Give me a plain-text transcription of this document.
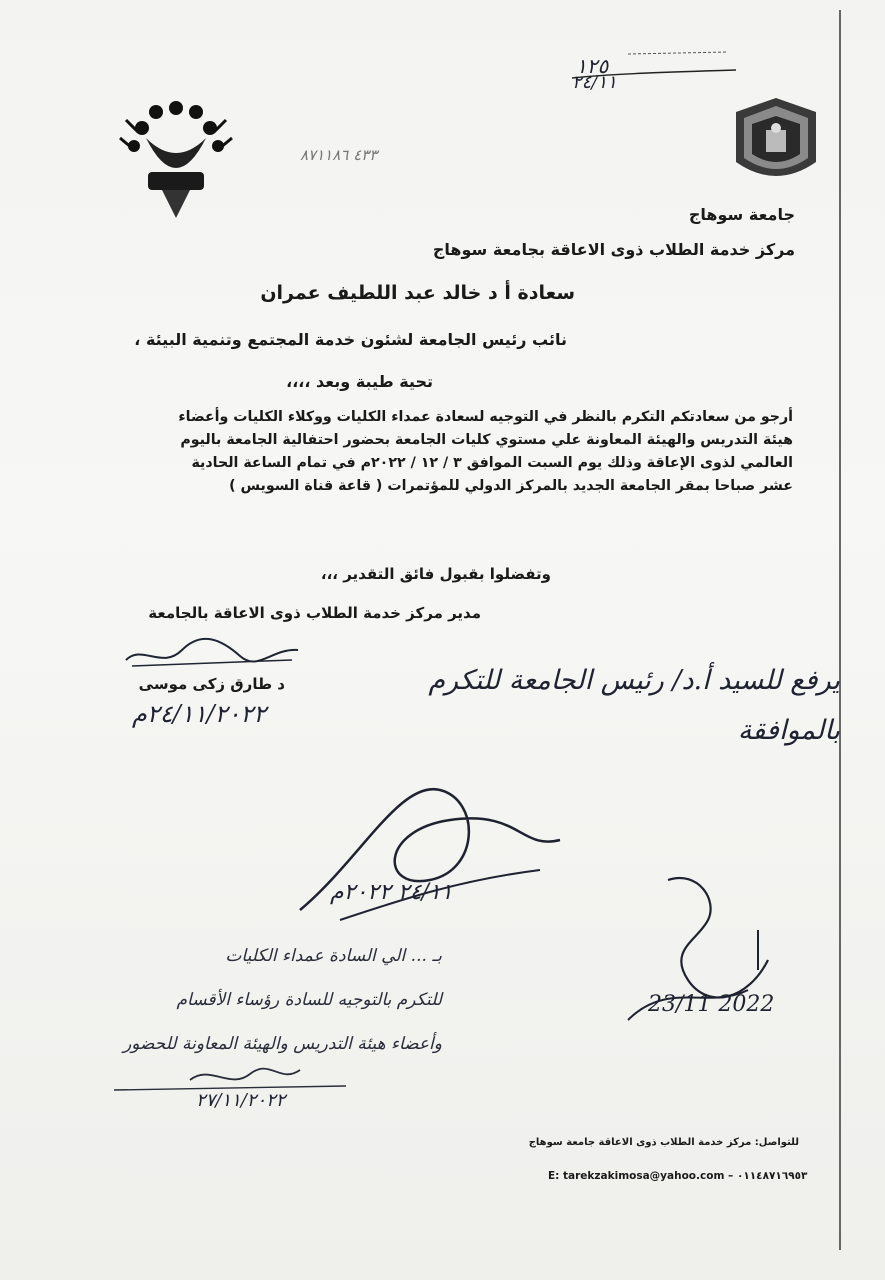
١٢٥
٢٤/١١
٤٣٣ ٨٧١١٨٦
جامعة سوهاج
مركز خدمة الطلاب ذوى الاعاقة بجامعة سوهاج
سعادة أ د خالد عبد اللطيف عمران
نائب رئيس الجامعة لشئون خدمة المجتمع وتنمية البيئة ،
تحية طيبة وبعد ،،،،
أرجو من سعادتكم التكرم بالنظر في التوجيه لسعادة عمداء الكليات ووكلاء الكليات وأعضاء
هيئة التدريس والهيئة المعاونة علي مستوي كليات الجامعة بحضور احتفالية الجامعة باليوم
العالمي لذوى الإعاقة وذلك يوم السبت الموافق ٣ / ١٢ / ٢٠٢٢م في تمام الساعة الحادية
عشر صباحا بمقر الجامعة الجديد بالمركز الدولي للمؤتمرات ( قاعة قناة السويس )
وتفضلوا بقبول فائق التقدير ،،،
مدير مركز خدمة الطلاب ذوى الاعاقة بالجامعة
د طارق زكى موسى
٢٤/١١/٢٠٢٢م
يرفع للسيد أ.د/ رئيس الجامعة للتكرم بالموافقة
٢٤/١١ ٢٠٢٢م
23/11 2022
بـ ... الي السادة عمداء الكليات
للتكرم بالتوجيه للسادة رؤساء الأقسام
وأعضاء هيئة التدريس والهيئة المعاونة للحضور
٢٧/١١/٢٠٢٢
للتواصل: مركز خدمة الطلاب ذوى الاعاقة جامعة سوهاج
E: tarekzakimosa@yahoo.com – ٠١١٤٨٧١٦٩٥٣
